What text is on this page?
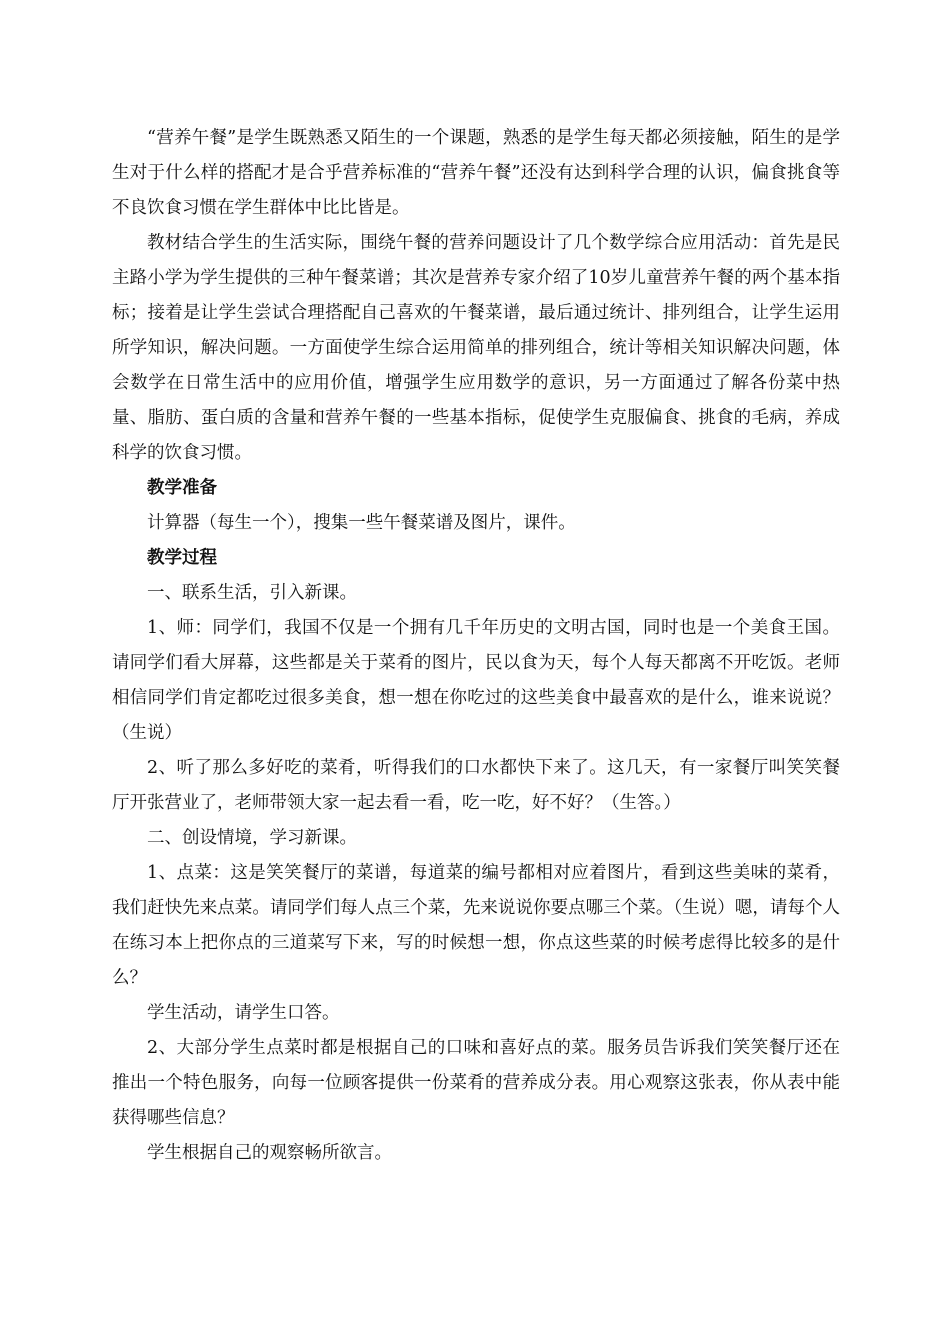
“营养午餐”是学生既熟悉又陌生的一个课题，熟悉的是学生每天都必须接触，陌生的是学生对于什么样的搭配才是合乎营养标准的“营养午餐”还没有达到科学合理的认识，偏食挑食等不良饮食习惯在学生群体中比比皆是。

教材结合学生的生活实际，围绕午餐的营养问题设计了几个数学综合应用活动：首先是民主路小学为学生提供的三种午餐菜谱；其次是营养专家介绍了10岁儿童营养午餐的两个基本指标；接着是让学生尝试合理搭配自己喜欢的午餐菜谱，最后通过统计、排列组合，让学生运用所学知识，解决问题。一方面使学生综合运用简单的排列组合，统计等相关知识解决问题，体会数学在日常生活中的应用价值，增强学生应用数学的意识，另一方面通过了解各份菜中热量、脂肪、蛋白质的含量和营养午餐的一些基本指标，促使学生克服偏食、挑食的毛病，养成科学的饮食习惯。

教学准备

计算器（每生一个），搜集一些午餐菜谱及图片，课件。

教学过程

一、联系生活，引入新课。

1、师：同学们，我国不仅是一个拥有几千年历史的文明古国，同时也是一个美食王国。请同学们看大屏幕，这些都是关于菜肴的图片，民以食为天，每个人每天都离不开吃饭。老师相信同学们肯定都吃过很多美食，想一想在你吃过的这些美食中最喜欢的是什么，谁来说说？（生说）

2、听了那么多好吃的菜肴，听得我们的口水都快下来了。这几天，有一家餐厅叫笑笑餐厅开张营业了，老师带领大家一起去看一看，吃一吃，好不好？（生答。）

二、创设情境，学习新课。

1、点菜：这是笑笑餐厅的菜谱，每道菜的编号都相对应着图片，看到这些美味的菜肴，我们赶快先来点菜。请同学们每人点三个菜，先来说说你要点哪三个菜。（生说）嗯，请每个人在练习本上把你点的三道菜写下来，写的时候想一想，你点这些菜的时候考虑得比较多的是什么？

学生活动，请学生口答。

2、大部分学生点菜时都是根据自己的口味和喜好点的菜。服务员告诉我们笑笑餐厅还在推出一个特色服务，向每一位顾客提供一份菜肴的营养成分表。用心观察这张表，你从表中能获得哪些信息？

学生根据自己的观察畅所欲言。
